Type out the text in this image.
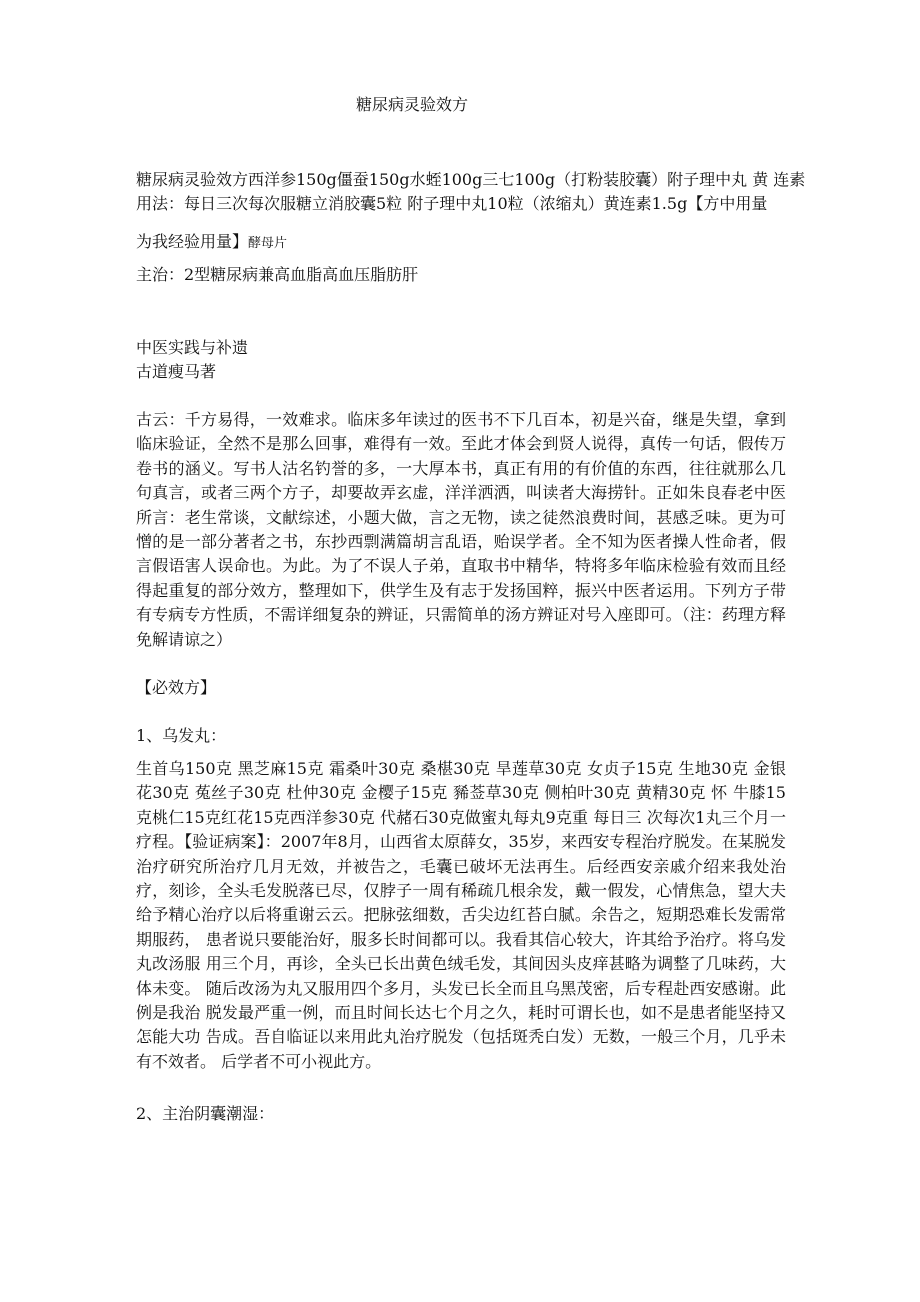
糖尿病灵验效方
糖尿病灵验效方西洋参150g僵蚕150g水蛭100g三七100g（打粉装胶囊）附子理中丸 黄 连素
用法：每日三次每次服糖立消胶囊5粒 附子理中丸10粒（浓缩丸）黄连素1.5g【方中用量
为我经验用量】酵母片
主治：2型糖尿病兼高血脂高血压脂肪肝
中医实践与补遗
古道瘦马著
古云：千方易得，一效难求。临床多年读过的医书不下几百本，初是兴奋，继是失望，拿到临床验证，全然不是那么回事，难得有一效。至此才体会到贤人说得，真传一句话，假传万卷书的涵义。写书人沽名钓誉的多，一大厚本书，真正有用的有价值的东西，往往就那么几句真言，或者三两个方子，却要故弄玄虚，洋洋洒洒，叫读者大海捞针。正如朱良春老中医所言：老生常谈，文献综述，小题大做，言之无物，读之徒然浪费时间，甚感乏味。更为可憎的是一部分著者之书，东抄西剽满篇胡言乱语，贻误学者。全不知为医者操人性命者，假言假语害人误命也。为此。为了不误人子弟，直取书中精华，特将多年临床检验有效而且经得起重复的部分效方，整理如下，供学生及有志于发扬国粹，振兴中医者运用。下列方子带有专病专方性质，不需详细复杂的辨证，只需简单的汤方辨证对号入座即可。（注：药理方释免解请谅之）
【必效方】
1、乌发丸：
生首乌150克 黑芝麻15克 霜桑叶30克 桑椹30克 旱莲草30克 女贞子15克 生地30克 金银花30克 菟丝子30克 杜仲30克 金樱子15克 豨莶草30克 侧柏叶30克 黄精30克 怀 牛膝15克桃仁15克红花15克西洋参30克 代赭石30克做蜜丸每丸9克重 每日三 次每次1丸三个月一疗程。【验证病案】：2007年8月，山西省太原薛女，35岁，来西安专程治疗脱发。在某脱发治疗研究所治疗几月无效，并被告之，毛囊已破坏无法再生。后经西安亲戚介绍来我处治疗，刻诊，全头毛发脱落已尽，仅脖子一周有稀疏几根余发，戴一假发，心情焦急，望大夫给予精心治疗以后将重谢云云。把脉弦细数，舌尖边红苔白腻。余告之，短期恐难长发需常期服药， 患者说只要能治好，服多长时间都可以。我看其信心较大，许其给予治疗。将乌发丸改汤服 用三个月，再诊，全头已长出黄色绒毛发，其间因头皮痒甚略为调整了几味药，大体未变。 随后改汤为丸又服用四个多月，头发已长全而且乌黑茂密，后专程赴西安感谢。此例是我治 脱发最严重一例，而且时间长达七个月之久，耗时可谓长也，如不是患者能坚持又怎能大功 告成。吾自临证以来用此丸治疗脱发（包括斑秃白发）无数，一般三个月，几乎未有不效者。 后学者不可小视此方。
2、主治阴囊潮湿：
